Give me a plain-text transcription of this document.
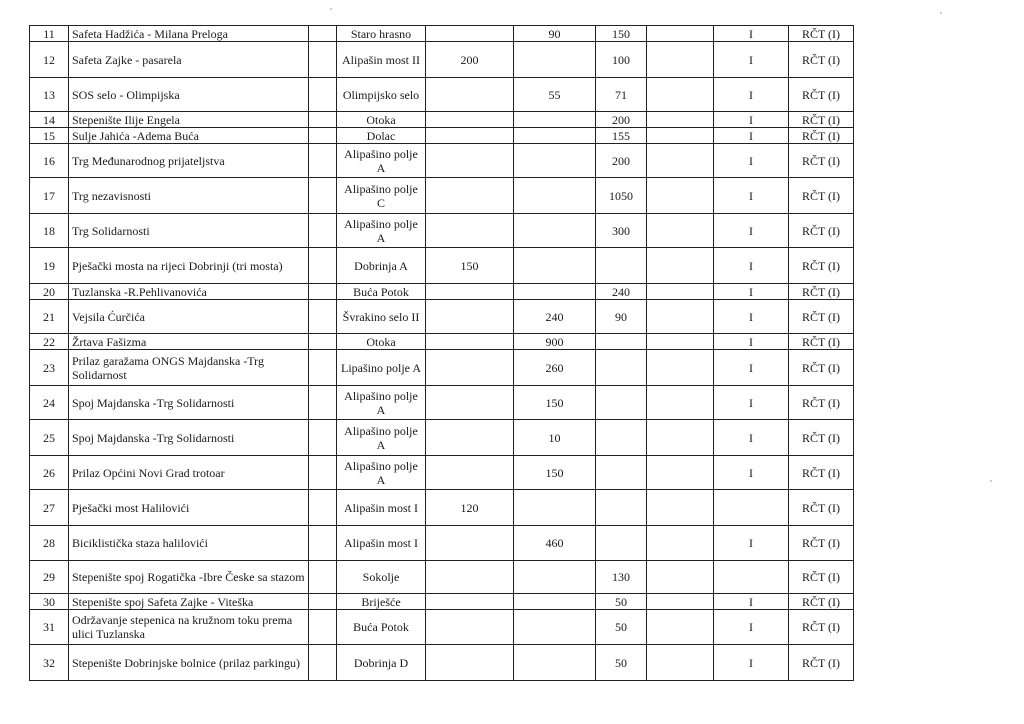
11	Safeta Hadžića - Milana Preloga		Staro hrasno		90	150		I	RČT (I)
12	Safeta Zajke - pasarela		Alipašin most II	200		100		I	RČT (I)
13	SOS selo - Olimpijska		Olimpijsko selo		55	71		I	RČT (I)
14	Stepenište Ilije Engela		Otoka			200		I	RČT (I)
15	Sulje Jahića -Adema Buća		Dolac			155		I	RČT (I)
16	Trg Međunarodnog prijateljstva		Alipašino polje A			200		I	RČT (I)
17	Trg nezavisnosti		Alipašino polje C			1050		I	RČT (I)
18	Trg Solidarnosti		Alipašino polje A			300		I	RČT (I)
19	Pješački mosta na rijeci Dobrinji (tri mosta)		Dobrinja A	150				I	RČT (I)
20	Tuzlanska -R.Pehlivanovića		Buća Potok			240		I	RČT (I)
21	Vejsila Ćurčića		Švrakino selo II		240	90		I	RČT (I)
22	Žrtava Fašizma		Otoka		900			I	RČT (I)
23	Prilaz garažama ONGS Majdanska -Trg Solidarnost		Lipašino polje A		260			I	RČT (I)
24	Spoj Majdanska -Trg Solidarnosti		Alipašino polje A		150			I	RČT (I)
25	Spoj Majdanska -Trg Solidarnosti		Alipašino polje A		10			I	RČT (I)
26	Prilaz Općini Novi Grad trotoar		Alipašino polje A		150			I	RČT (I)
27	Pješački most Halilovići		Alipašin most I	120					RČT (I)
28	Biciklistička staza halilovići		Alipašin most I		460			I	RČT (I)
29	Stepenište spoj Rogatička -Ibre Česke sa stazom		Sokolje			130			RČT (I)
30	Stepenište spoj Safeta Zajke - Viteška		Briješće			50		I	RČT (I)
31	Održavanje stepenica na kružnom toku prema ulici Tuzlanska		Buća Potok			50		I	RČT (I)
32	Stepenište Dobrinjske bolnice (prilaz parkingu)		Dobrinja D			50		I	RČT (I)
